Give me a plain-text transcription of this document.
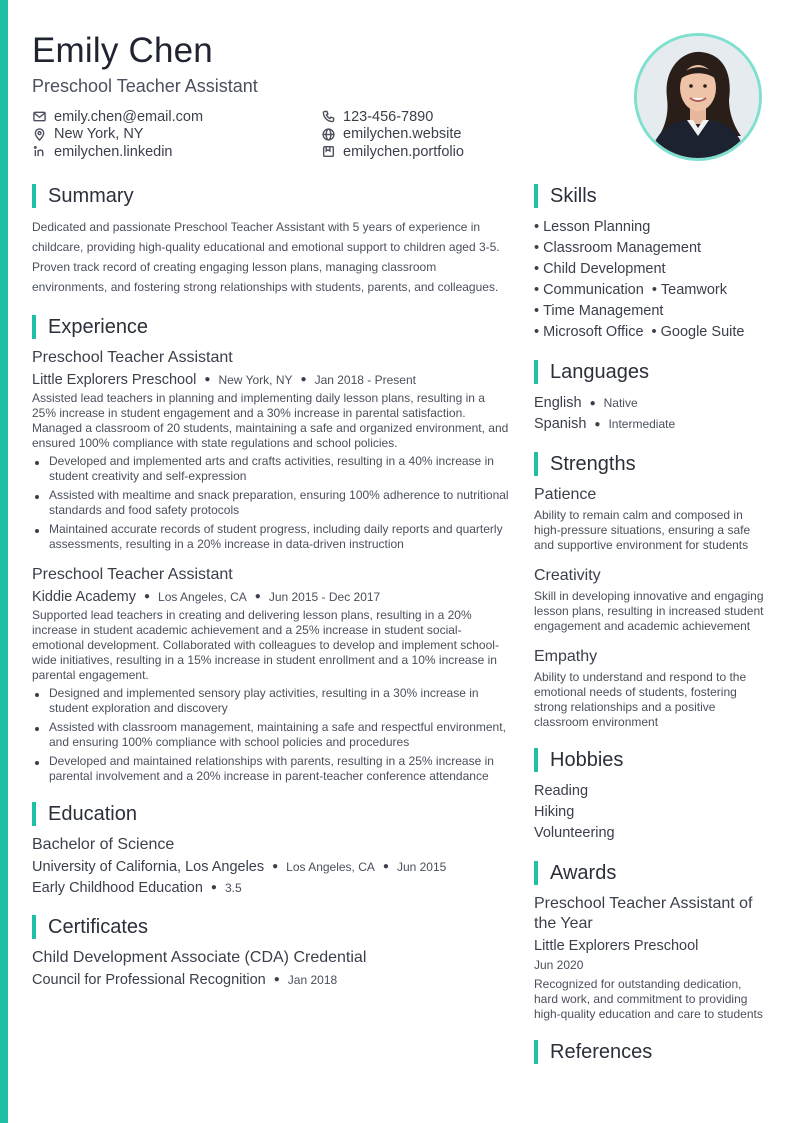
Emily Chen
Preschool Teacher Assistant
emily.chen@email.com	123-456-7890
New York, NY	emilychen.website
emilychen.linkedin	emilychen.portfolio
Summary

Dedicated and passionate Preschool Teacher Assistant with 5 years of experience in childcare, providing high-quality educational and emotional support to children aged 3-5. Proven track record of creating engaging lesson plans, managing classroom environments, and fostering strong relationships with students, parents, and colleagues.

Experience
Preschool Teacher Assistant
Little Explorers Preschool ● New York, NY ● Jan 2018 - Present

Assisted lead teachers in planning and implementing daily lesson plans, resulting in a 25% increase in student engagement and a 30% increase in parental satisfaction. Managed a classroom of 20 students, maintaining a safe and organized environment, and ensured 100% compliance with state regulations and school policies.

Developed and implemented arts and crafts activities, resulting in a 40% increase in student creativity and self-expression
Assisted with mealtime and snack preparation, ensuring 100% adherence to nutritional standards and food safety protocols
Maintained accurate records of student progress, including daily reports and quarterly assessments, resulting in a 20% increase in data-driven instruction
Preschool Teacher Assistant
Kiddie Academy ● Los Angeles, CA ● Jun 2015 - Dec 2017

Supported lead teachers in creating and delivering lesson plans, resulting in a 20% increase in student academic achievement and a 25% increase in student social-emotional development. Collaborated with colleagues to develop and implement school-wide initiatives, resulting in a 15% increase in student enrollment and a 10% increase in parental engagement.

Designed and implemented sensory play activities, resulting in a 30% increase in student exploration and discovery
Assisted with classroom management, maintaining a safe and respectful environment, and ensuring 100% compliance with school policies and procedures
Developed and maintained relationships with parents, resulting in a 25% increase in parental involvement and a 20% increase in parent-teacher conference attendance
Education
Bachelor of Science
University of California, Los Angeles ● Los Angeles, CA ● Jun 2015
Early Childhood Education ● 3.5
Certificates
Child Development Associate (CDA) Credential
Council for Professional Recognition ● Jan 2018
Skills
• Lesson Planning
• Classroom Management
• Child Development
• Communication	• Teamwork
• Time Management
• Microsoft Office	• Google Suite
Languages
English ● Native
Spanish ● Intermediate
Strengths
Patience

Ability to remain calm and composed in high-pressure situations, ensuring a safe and supportive environment for students

Creativity

Skill in developing innovative and engaging lesson plans, resulting in increased student engagement and academic achievement

Empathy

Ability to understand and respond to the emotional needs of students, fostering strong relationships and a positive classroom environment

Hobbies
Reading
Hiking
Volunteering
Awards
Preschool Teacher Assistant of the Year
Little Explorers Preschool
Jun 2020

Recognized for outstanding dedication, hard work, and commitment to providing high-quality education and care to students

References
